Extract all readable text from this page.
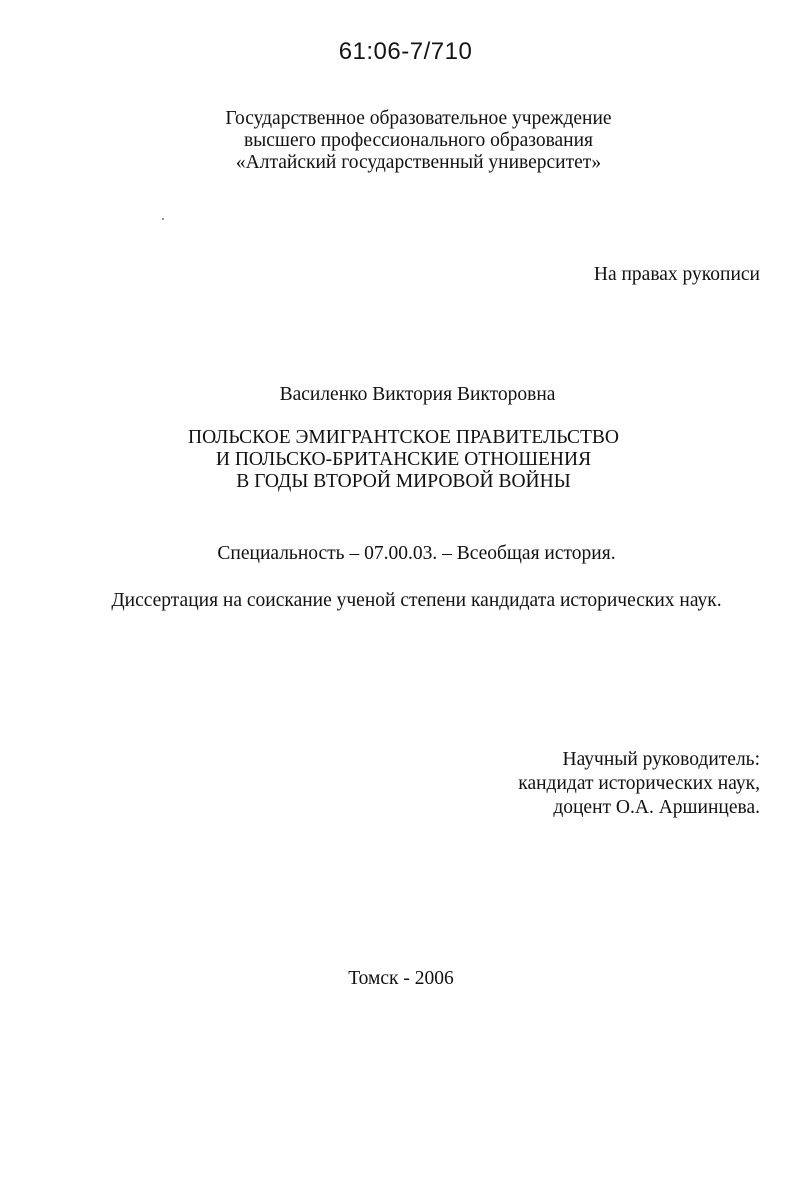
61:06-7/710
Государственное образовательное учреждение
высшего профессионального образования
«Алтайский государственный университет»
На правах рукописи
Василенко Виктория Викторовна
ПОЛЬСКОЕ ЭМИГРАНТСКОЕ ПРАВИТЕЛЬСТВО
И ПОЛЬСКО-БРИТАНСКИЕ ОТНОШЕНИЯ
В ГОДЫ ВТОРОЙ МИРОВОЙ ВОЙНЫ
Специальность – 07.00.03. – Всеобщая история.
Диссертация на соискание ученой степени кандидата исторических наук.
Научный руководитель:
кандидат исторических наук,
доцент О.А. Аршинцева.
Томск - 2006
